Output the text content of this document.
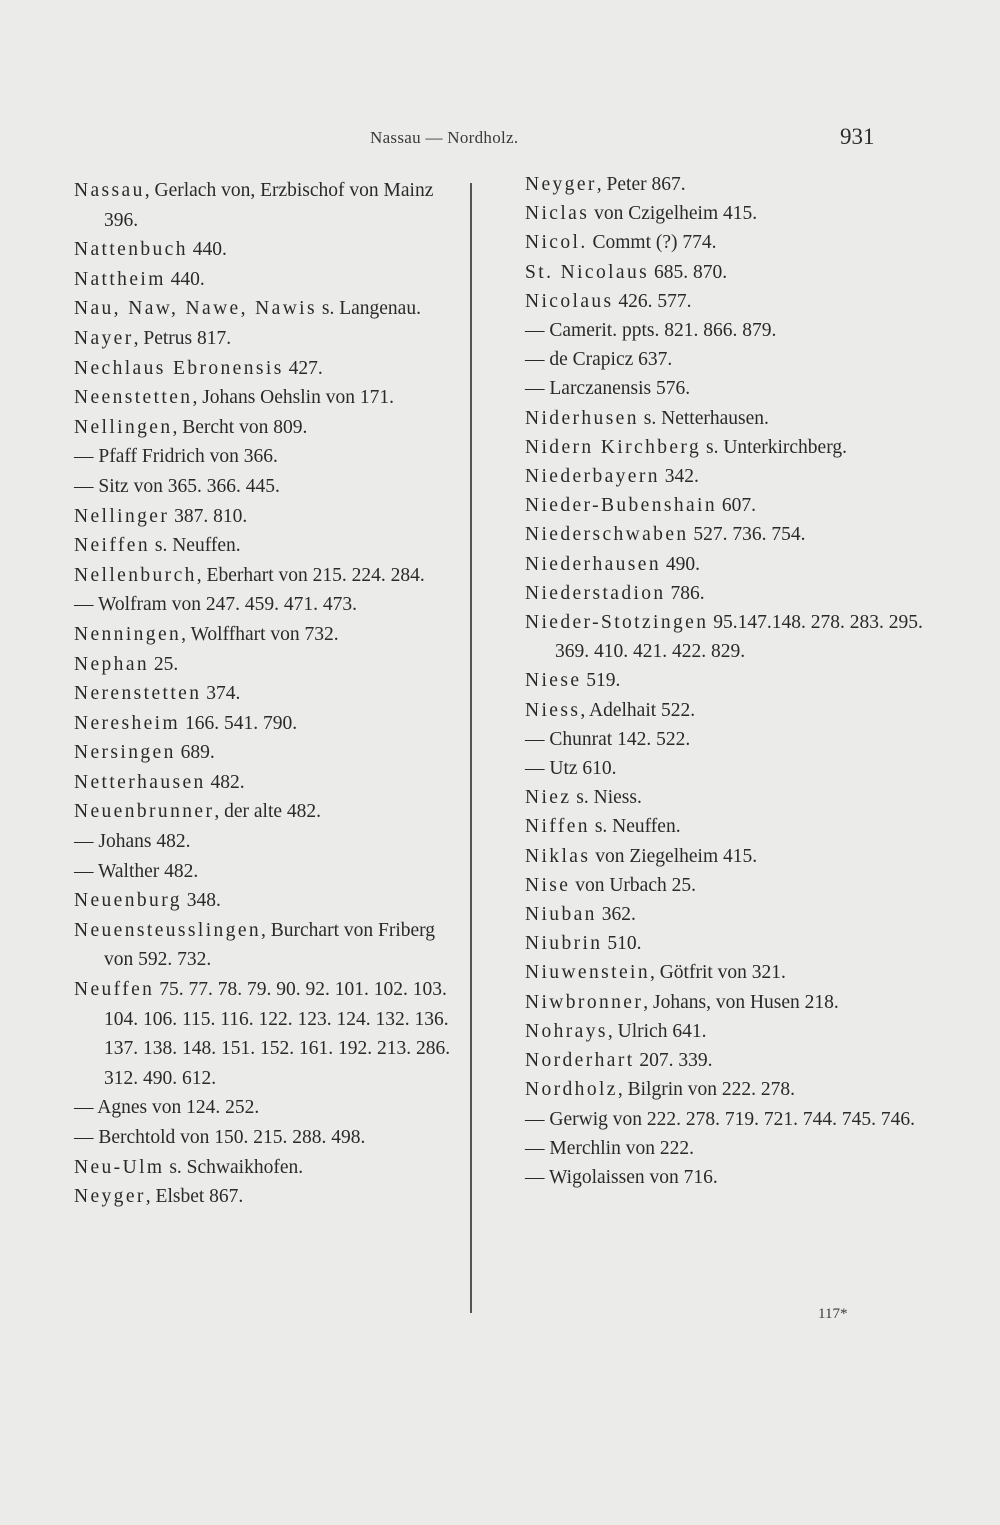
Nassau — Nordholz.	931
Nassau, Gerlach von, Erzbischof von Mainz 396.
Nattenbuch 440.
Nattheim 440.
Nau, Naw, Nawe, Nawis s. Langenau.
Nayer, Petrus 817.
Nechlaus Ebronensis 427.
Neenstetten, Johans Oehslin von 171.
Nellingen, Bercht von 809.
— Pfaff Fridrich von 366.
— Sitz von 365. 366. 445.
Nellinger 387. 810.
Neiffen s. Neuffen.
Nellenburch, Eberhart von 215. 224. 284.
— Wolfram von 247. 459. 471. 473.
Nenningen, Wolffhart von 732.
Nephan 25.
Nerenstetten 374.
Neresheim 166. 541. 790.
Nersingen 689.
Netterhausen 482.
Neuenbrunner, der alte 482.
— Johans 482.
— Walther 482.
Neuenburg 348.
Neuensteusslingen, Burchart von Friberg von 592. 732.
Neuffen 75. 77. 78. 79. 90. 92. 101. 102. 103. 104. 106. 115. 116. 122. 123. 124. 132. 136. 137. 138. 148. 151. 152. 161. 192. 213. 286. 312. 490. 612.
— Agnes von 124. 252.
— Berchtold von 150. 215. 288. 498.
Neu-Ulm s. Schwaikhofen.
Neyger, Elsbet 867.
Neyger, Peter 867.
Niclas von Czigelheim 415.
Nicol. Commt (?) 774.
St. Nicolaus 685. 870.
Nicolaus 426. 577.
— Camerit. ppts. 821. 866. 879.
— de Crapicz 637.
— Larczanensis 576.
Niderhusen s. Netterhausen.
Nidern Kirchberg s. Unterkirchberg.
Niederbayern 342.
Nieder-Bubenshain 607.
Niederschwaben 527. 736. 754.
Niederhausen 490.
Niederstadion 786.
Nieder-Stotzingen 95.147.148. 278. 283. 295. 369. 410. 421. 422. 829.
Niese 519.
Niess, Adelhait 522.
— Chunrat 142. 522.
— Utz 610.
Niez s. Niess.
Niffen s. Neuffen.
Niklas von Ziegelheim 415.
Nise von Urbach 25.
Niuban 362.
Niubrin 510.
Niuwenstein, Götfrit von 321.
Niwbronner, Johans, von Husen 218.
Nohrays, Ulrich 641.
Norderhart 207. 339.
Nordholz, Bilgrin von 222. 278.
— Gerwig von 222. 278. 719. 721. 744. 745. 746.
— Merchlin von 222.
— Wigolaissen von 716.
117*
